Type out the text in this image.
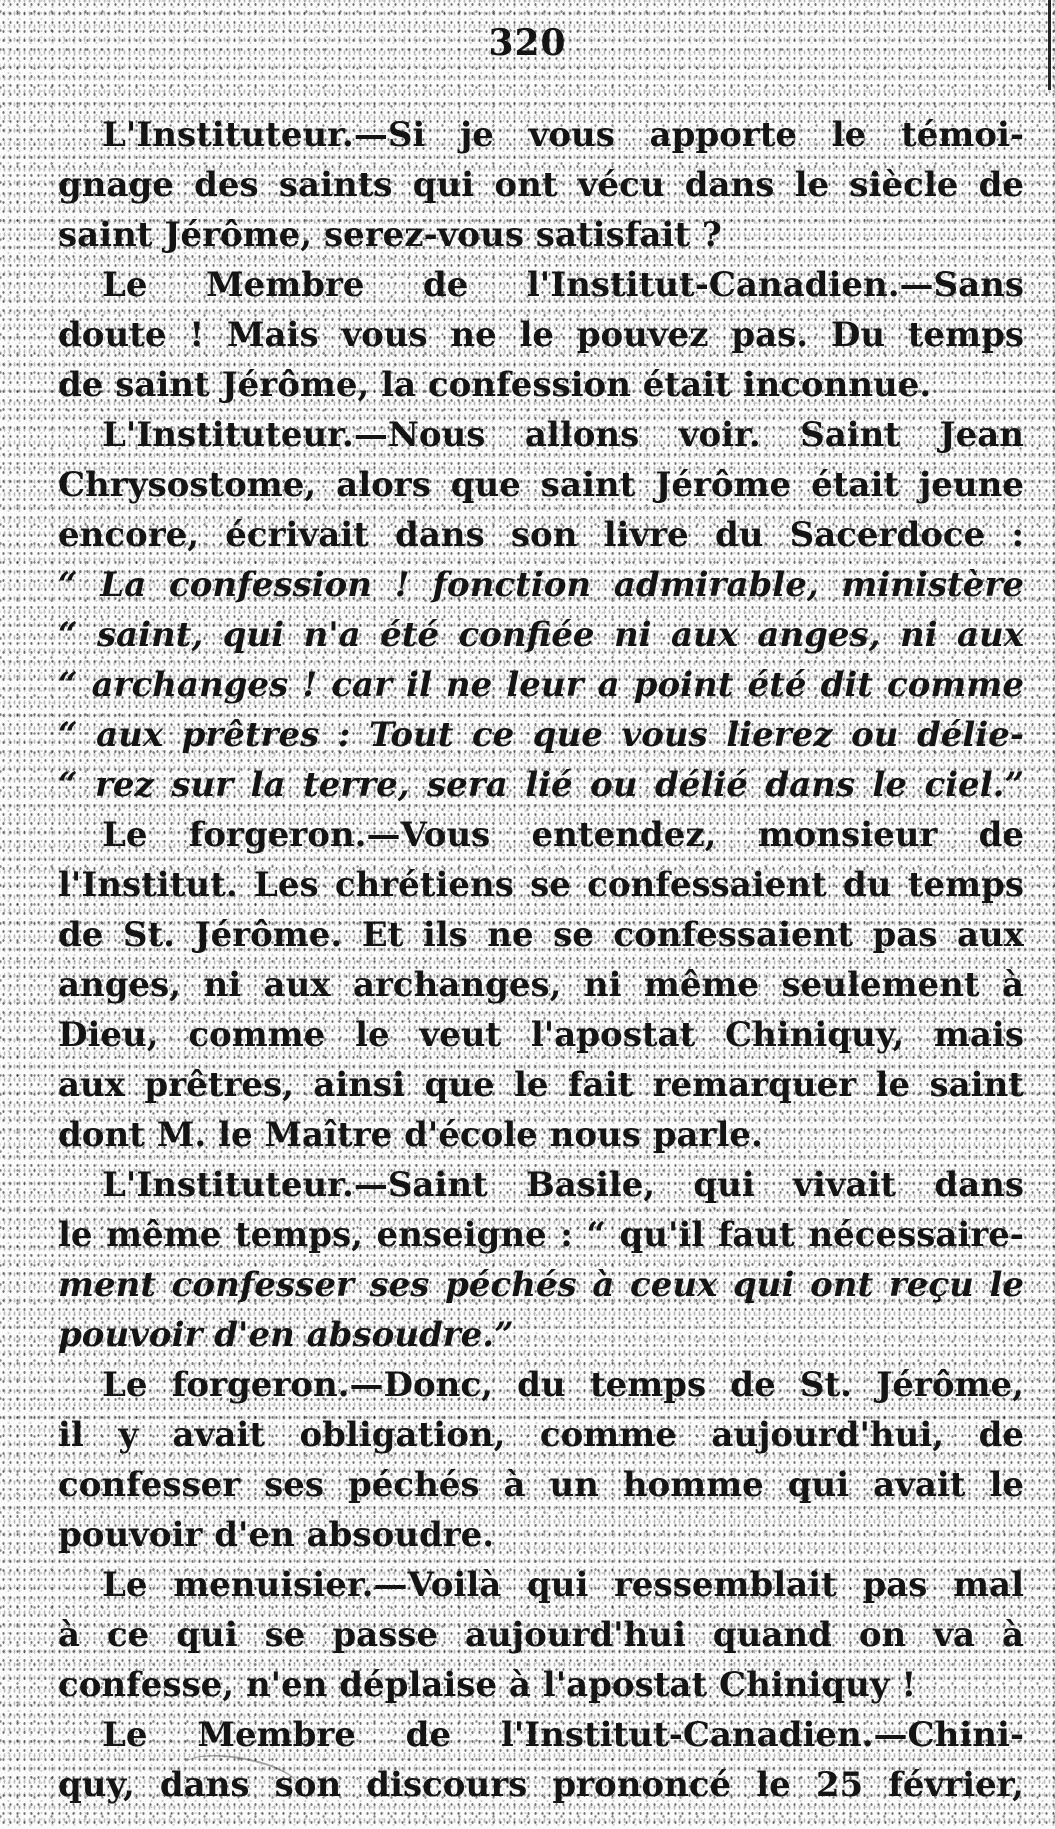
320
L'Instituteur.—Si je vous apporte le témoi-
gnage des saints qui ont vécu dans le siècle de
saint Jérôme, serez-vous satisfait ?
Le Membre de l'Institut-Canadien.—Sans
doute ! Mais vous ne le pouvez pas. Du temps
de saint Jérôme, la confession était inconnue.
L'Instituteur.—Nous allons voir. Saint Jean
Chrysostome, alors que saint Jérôme était jeune
encore, écrivait dans son livre du Sacerdoce :
“ La confession ! fonction admirable, ministère
“ saint, qui n'a été confiée ni aux anges, ni aux
“ archanges ! car il ne leur a point été dit comme
“ aux prêtres : Tout ce que vous lierez ou délie-
“ rez sur la terre, sera lié ou délié dans le ciel.”
Le forgeron.—Vous entendez, monsieur de
l'Institut. Les chrétiens se confessaient du temps
de St. Jérôme. Et ils ne se confessaient pas aux
anges, ni aux archanges, ni même seulement à
Dieu, comme le veut l'apostat Chiniquy, mais
aux prêtres, ainsi que le fait remarquer le saint
dont M. le Maître d'école nous parle.
L'Instituteur.—Saint Basile, qui vivait dans
le même temps, enseigne : “ qu'il faut nécessaire-
ment confesser ses péchés à ceux qui ont reçu le
pouvoir d'en absoudre.”
Le forgeron.—Donc, du temps de St. Jérôme,
il y avait obligation, comme aujourd'hui, de
confesser ses péchés à un homme qui avait le
pouvoir d'en absoudre.
Le menuisier.—Voilà qui ressemblait pas mal
à ce qui se passe aujourd'hui quand on va à
confesse, n'en déplaise à l'apostat Chiniquy !
Le Membre de l'Institut-Canadien.—Chini-
quy, dans son discours prononcé le 25 février,
